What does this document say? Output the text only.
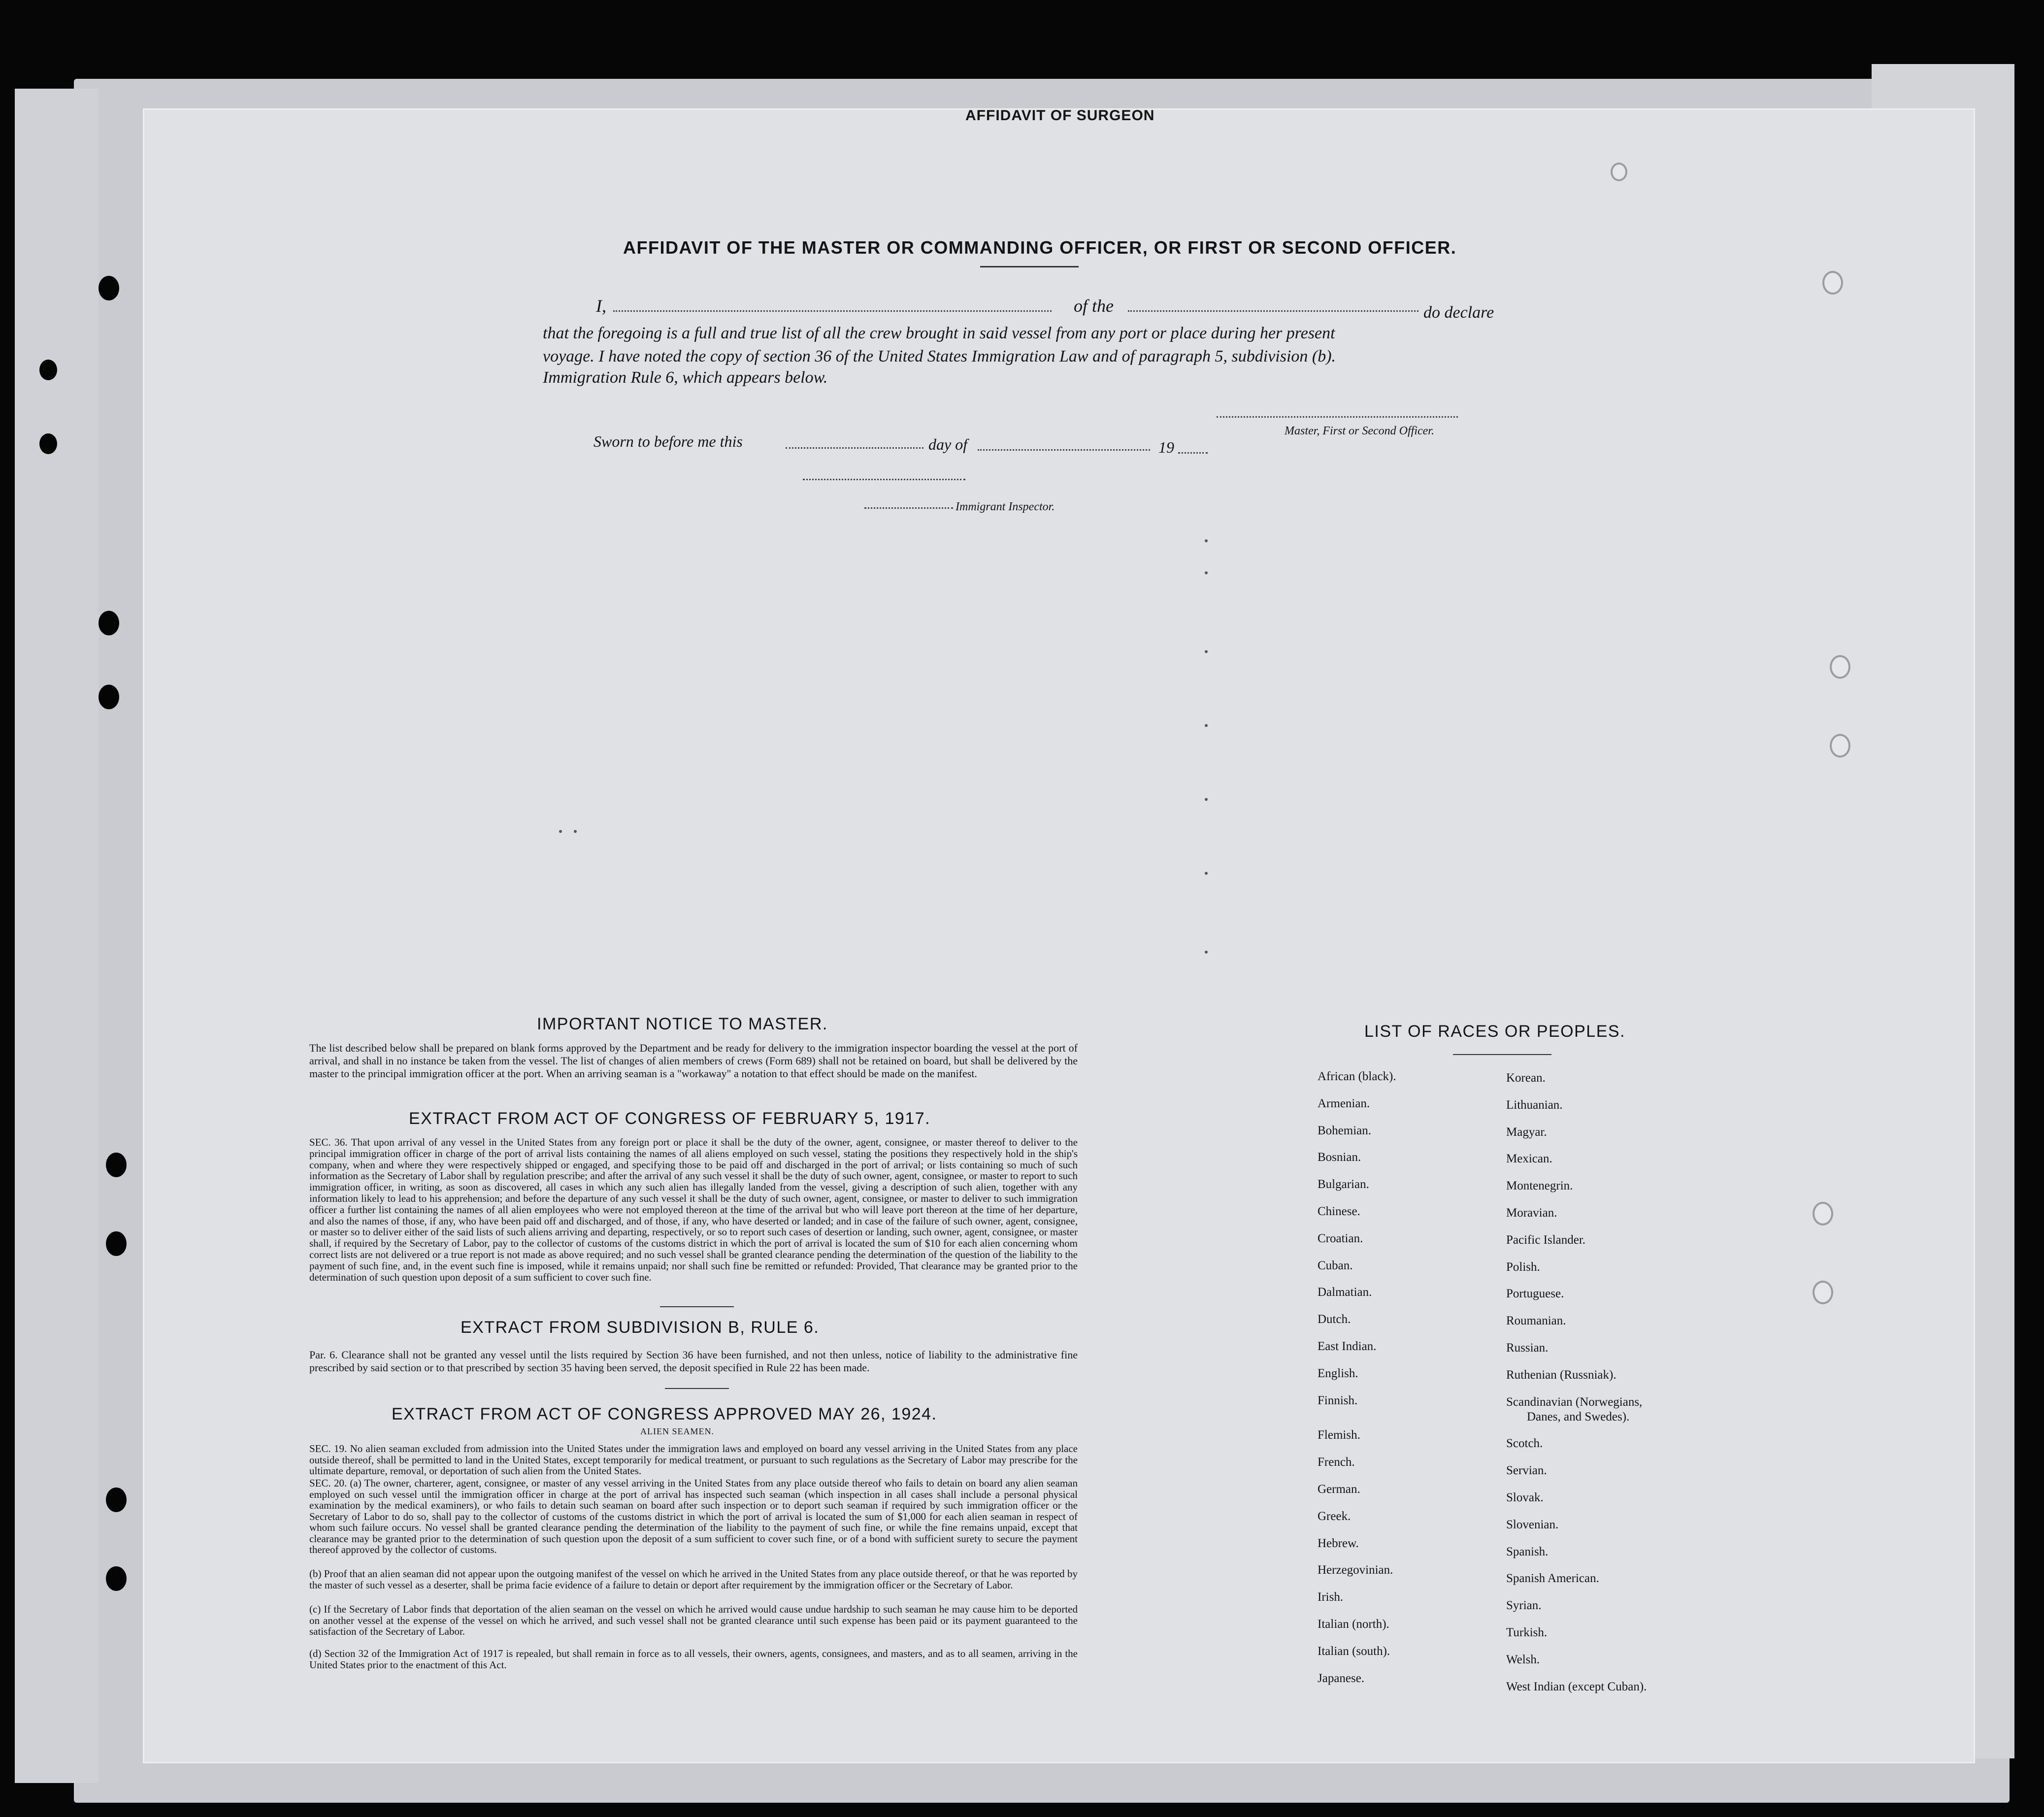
AFFIDAVIT OF SURGEON
AFFIDAVIT OF THE MASTER OR COMMANDING OFFICER, OR FIRST OR SECOND OFFICER.
I,	of the	do declare
that the foregoing is a full and true list of all the crew brought in said vessel from any port or place during her present
voyage. I have noted the copy of section 36 of the United States Immigration Law and of paragraph 5, subdivision (b).
Immigration Rule 6, which appears below.
Master, First or Second Officer.
Sworn to before me this	day of	19
Immigrant Inspector.
IMPORTANT NOTICE TO MASTER.
The list described below shall be prepared on blank forms approved by the Department and be ready for delivery to the immigration inspector boarding the vessel at the port of arrival, and shall in no instance be taken from the vessel. The list of changes of alien members of crews (Form 689) shall not be retained on board, but shall be delivered by the master to the principal immigration officer at the port. When an arriving seaman is a "workaway" a notation to that effect should be made on the manifest.
EXTRACT FROM ACT OF CONGRESS OF FEBRUARY 5, 1917.
SEC. 36. That upon arrival of any vessel in the United States from any foreign port or place it shall be the duty of the owner, agent, consignee, or master thereof to deliver to the principal immigration officer in charge of the port of arrival lists containing the names of all aliens employed on such vessel, stating the positions they respectively hold in the ship's company, when and where they were respectively shipped or engaged, and specifying those to be paid off and discharged in the port of arrival; or lists containing so much of such information as the Secretary of Labor shall by regulation prescribe; and after the arrival of any such vessel it shall be the duty of such owner, agent, consignee, or master to report to such immigration officer, in writing, as soon as discovered, all cases in which any such alien has illegally landed from the vessel, giving a description of such alien, together with any information likely to lead to his apprehension; and before the departure of any such vessel it shall be the duty of such owner, agent, consignee, or master to deliver to such immigration officer a further list containing the names of all alien employees who were not employed thereon at the time of the arrival but who will leave port thereon at the time of her departure, and also the names of those, if any, who have been paid off and discharged, and of those, if any, who have deserted or landed; and in case of the failure of such owner, agent, consignee, or master so to deliver either of the said lists of such aliens arriving and departing, respectively, or so to report such cases of desertion or landing, such owner, agent, consignee, or master shall, if required by the Secretary of Labor, pay to the collector of customs of the customs district in which the port of arrival is located the sum of $10 for each alien concerning whom correct lists are not delivered or a true report is not made as above required; and no such vessel shall be granted clearance pending the determination of the question of the liability to the payment of such fine, and, in the event such fine is imposed, while it remains unpaid; nor shall such fine be remitted or refunded: Provided, That clearance may be granted prior to the determination of such question upon deposit of a sum sufficient to cover such fine.
EXTRACT FROM SUBDIVISION B, RULE 6.
Par. 6. Clearance shall not be granted any vessel until the lists required by Section 36 have been furnished, and not then unless, notice of liability to the administrative fine prescribed by said section or to that prescribed by section 35 having been served, the deposit specified in Rule 22 has been made.
EXTRACT FROM ACT OF CONGRESS APPROVED MAY 26, 1924.
ALIEN SEAMEN.
SEC. 19. No alien seaman excluded from admission into the United States under the immigration laws and employed on board any vessel arriving in the United States from any place outside thereof, shall be permitted to land in the United States, except temporarily for medical treatment, or pursuant to such regulations as the Secretary of Labor may prescribe for the ultimate departure, removal, or deportation of such alien from the United States.
SEC. 20. (a) The owner, charterer, agent, consignee, or master of any vessel arriving in the United States from any place outside thereof who fails to detain on board any alien seaman employed on such vessel until the immigration officer in charge at the port of arrival has inspected such seaman (which inspection in all cases shall include a personal physical examination by the medical examiners), or who fails to detain such seaman on board after such inspection or to deport such seaman if required by such immigration officer or the Secretary of Labor to do so, shall pay to the collector of customs of the customs district in which the port of arrival is located the sum of $1,000 for each alien seaman in respect of whom such failure occurs. No vessel shall be granted clearance pending the determination of the liability to the payment of such fine, or while the fine remains unpaid, except that clearance may be granted prior to the determination of such question upon the deposit of a sum sufficient to cover such fine, or of a bond with sufficient surety to secure the payment thereof approved by the collector of customs.
(b) Proof that an alien seaman did not appear upon the outgoing manifest of the vessel on which he arrived in the United States from any place outside thereof, or that he was reported by the master of such vessel as a deserter, shall be prima facie evidence of a failure to detain or deport after requirement by the immigration officer or the Secretary of Labor.
(c) If the Secretary of Labor finds that deportation of the alien seaman on the vessel on which he arrived would cause undue hardship to such seaman he may cause him to be deported on another vessel at the expense of the vessel on which he arrived, and such vessel shall not be granted clearance until such expense has been paid or its payment guaranteed to the satisfaction of the Secretary of Labor.
(d) Section 32 of the Immigration Act of 1917 is repealed, but shall remain in force as to all vessels, their owners, agents, consignees, and masters, and as to all seamen, arriving in the United States prior to the enactment of this Act.
LIST OF RACES OR PEOPLES.
African (black).
Armenian.
Bohemian.
Bosnian.
Bulgarian.
Chinese.
Croatian.
Cuban.
Dalmatian.
Dutch.
East Indian.
English.
Finnish.
Flemish.
French.
German.
Greek.
Hebrew.
Herzegovinian.
Irish.
Italian (north).
Italian (south).
Japanese.
Korean.
Lithuanian.
Magyar.
Mexican.
Montenegrin.
Moravian.
Pacific Islander.
Polish.
Portuguese.
Roumanian.
Russian.
Ruthenian (Russniak).
Scandinavian (Norwegians,
Danes, and Swedes).
Scotch.
Servian.
Slovak.
Slovenian.
Spanish.
Spanish American.
Syrian.
Turkish.
Welsh.
West Indian (except Cuban).
